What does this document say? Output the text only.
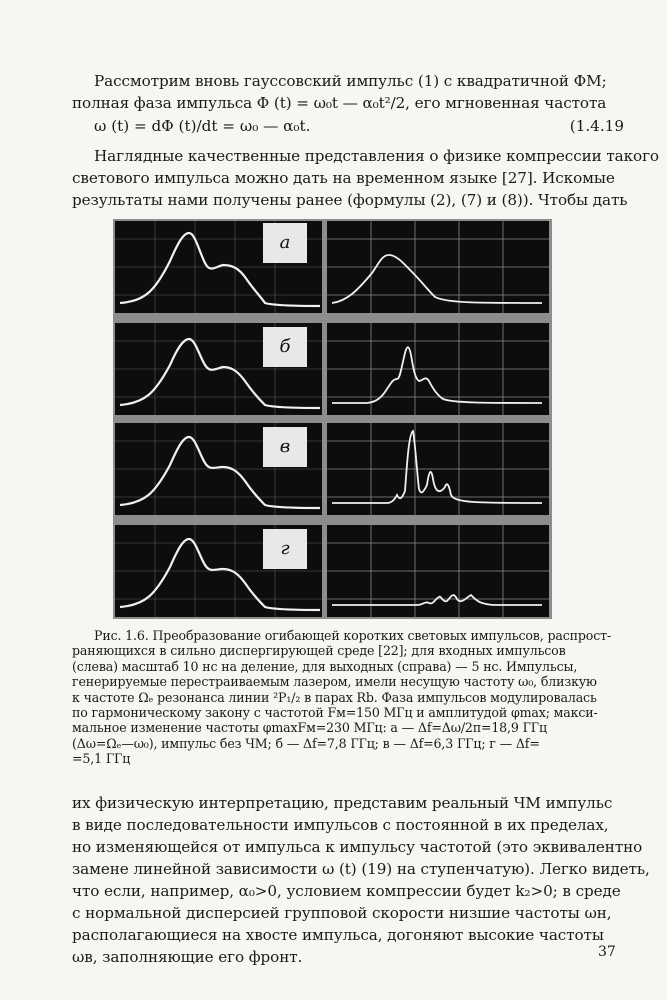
Рассмотрим вновь гауссовский импульс (1) с квадратичной ФМ;
полная фаза импульса Φ (t) = ω₀t — α₀t²/2, его мгновенная частота
ω (t) = dΦ (t)/dt = ω₀ — α₀t.	(1.4.19
Наглядные качественные представления о физике компрессии такого
светового импульса можно дать на временном языке [27]. Искомые
результаты нами получены ранее (формулы (2), (7) и (8)). Чтобы дать
а
б
в
г
Рис. 1.6. Преобразование огибающей коротких световых импульсов, распрост-
раняющихся в сильно диспергирующей среде [22]; для входных импульсов
(слева) масштаб 10 нс на деление, для выходных (справа) — 5 нс. Импульсы,
генерируемые перестраиваемым лазером, имели несущую частоту ω₀, близкую
к частоте Ωₑ резонанса линии ²P₁/₂ в парах Rb. Фаза импульсов модулировалась
по гармоническому закону с частотой Fм=150 МГц и амплитудой φmax; макси-
мальное изменение частоты φmaxFм=230 МГц: а — Δf=Δω/2π=18,9 ГГц
(Δω=Ωₑ—ω₀), импульс без ЧМ; б — Δf=7,8 ГГц; в — Δf=6,3 ГГц; г — Δf=
=5,1 ГГц
их физическую интерпретацию, представим реальный ЧМ импульс
в виде последовательности импульсов с постоянной в их пределах,
но изменяющейся от импульса к импульсу частотой (это эквивалентно
замене линейной зависимости ω (t) (19) на ступенчатую). Легко видеть,
что если, например, α₀>0, условием компрессии будет k₂>0; в среде
с нормальной дисперсией групповой скорости низшие частоты ωн,
располагающиеся на хвосте импульса, догоняют высокие частоты
ωв, заполняющие его фронт.	37
